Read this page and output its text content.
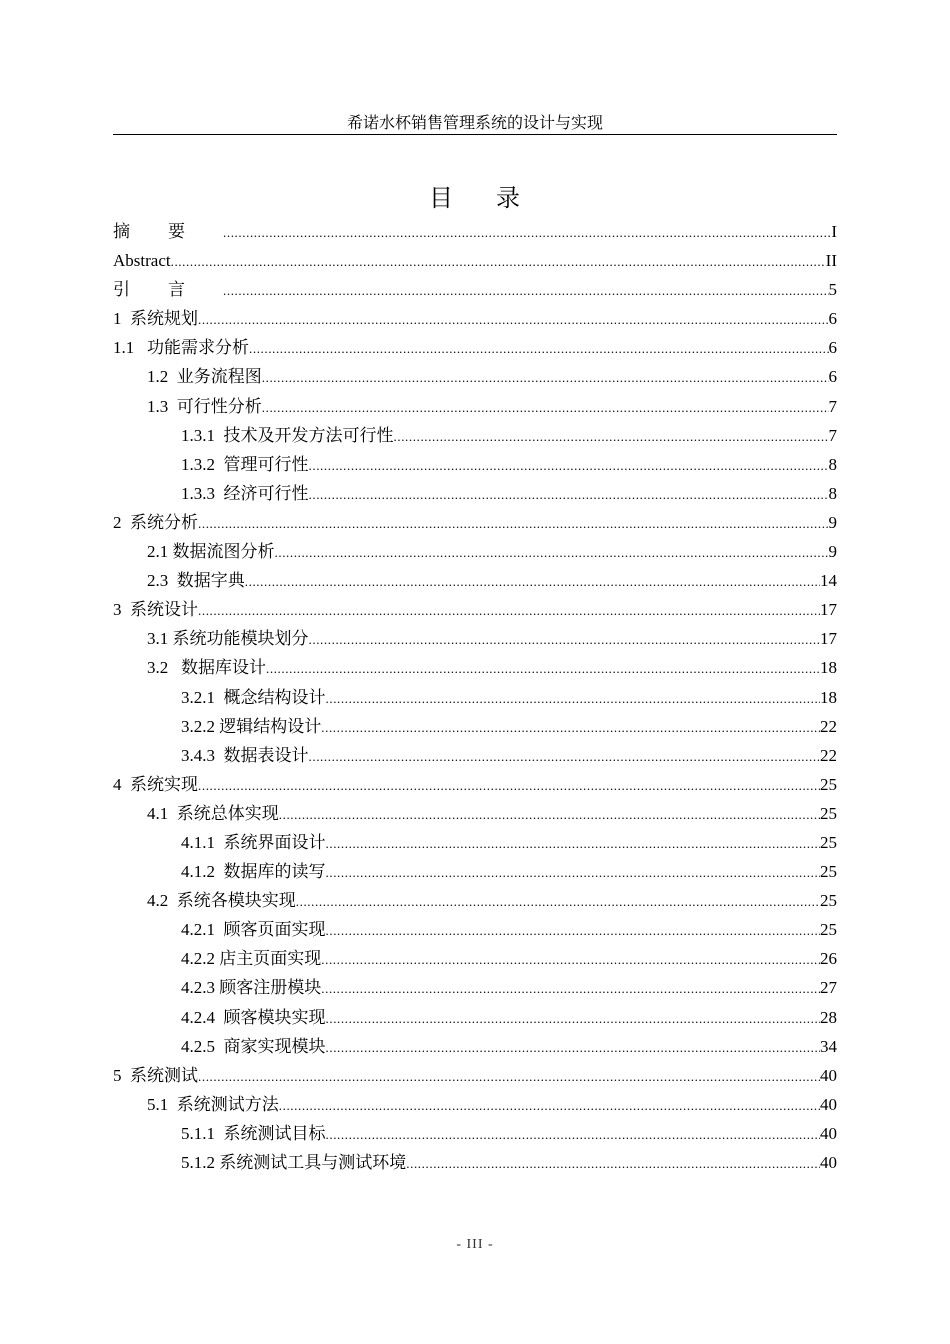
希诺水杯销售管理系统的设计与实现
目 录
摘要 .....	I
Abstract .....	II
引言 .....	5
1  系统规划 .....	6
1.1   功能需求分析 .....	6
1.2  业务流程图 .....	6
1.3  可行性分析 .....	7
1.3.1  技术及开发方法可行性 .....	7
1.3.2  管理可行性 .....	8
1.3.3  经济可行性 .....	8
2  系统分析 .....	9
2.1 数据流图分析 .....	9
2.3  数据字典 .....	14
3  系统设计 .....	17
3.1 系统功能模块划分 .....	17
3.2   数据库设计 .....	18
3.2.1  概念结构设计 .....	18
3.2.2 逻辑结构设计 .....	22
3.4.3  数据表设计 .....	22
4  系统实现 .....	25
4.1  系统总体实现 .....	25
4.1.1  系统界面设计 .....	25
4.1.2  数据库的读写 .....	25
4.2  系统各模块实现 .....	25
4.2.1  顾客页面实现 .....	25
4.2.2 店主页面实现 .....	26
4.2.3 顾客注册模块 .....	27
4.2.4  顾客模块实现 .....	28
4.2.5  商家实现模块 .....	34
5  系统测试 .....	40
5.1  系统测试方法 .....	40
5.1.1  系统测试目标 .....	40
5.1.2 系统测试工具与测试环境 .....	40
- III -
